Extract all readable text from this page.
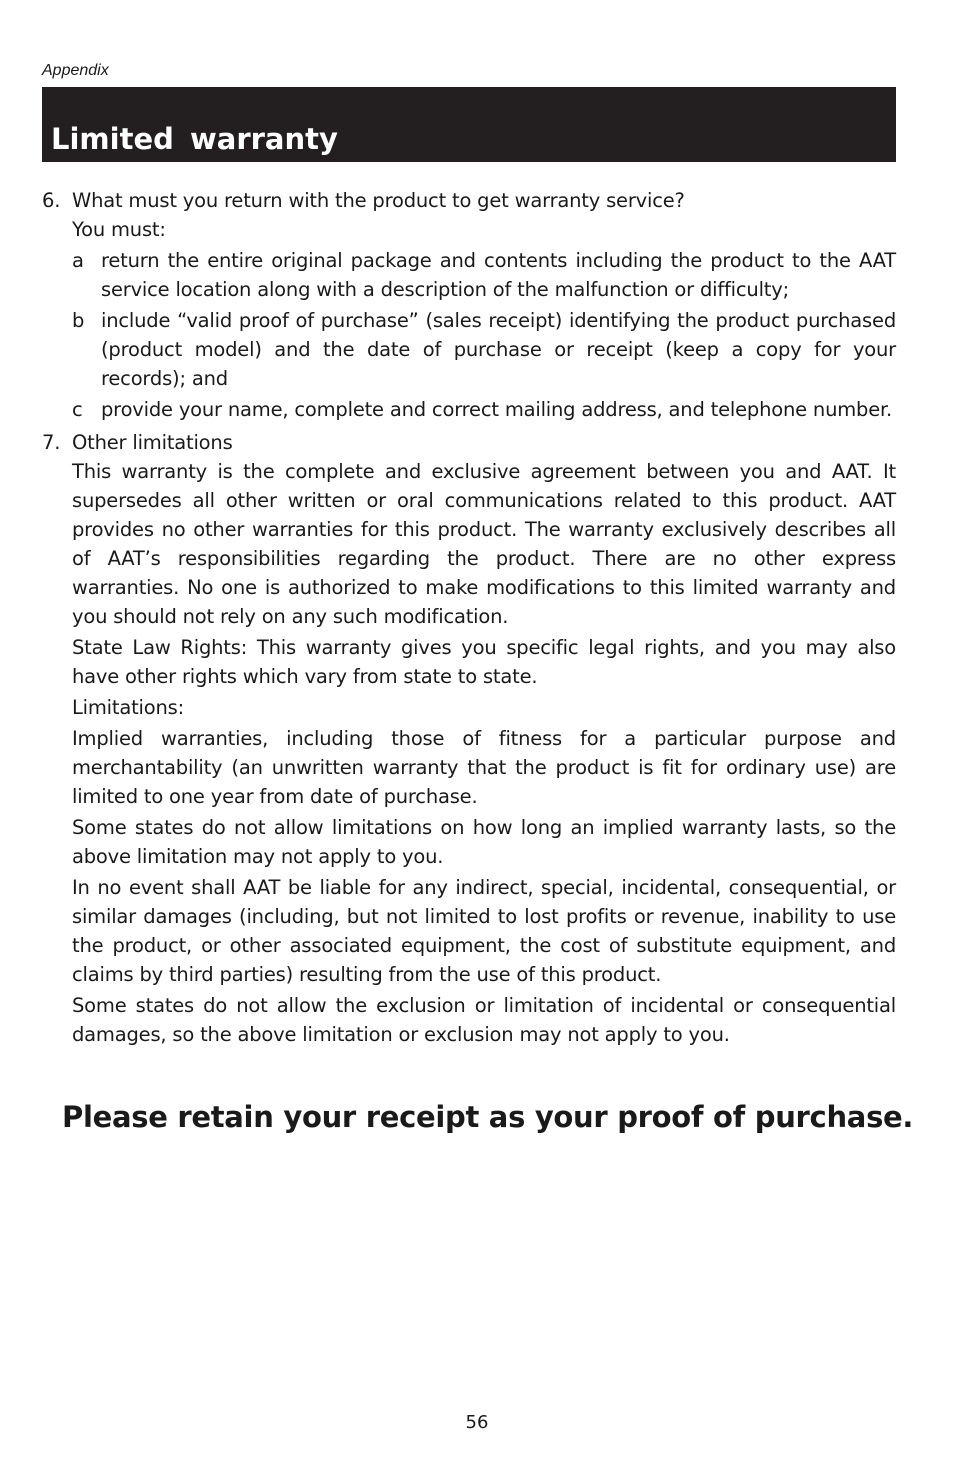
Appendix
Limited warranty
6. What must you return with the product to get warranty service?

You must:

a return the entire original package and contents including the product to the AAT service location along with a description of the malfunction or difficulty;
b include “valid proof of purchase” (sales receipt) identifying the product purchased (product model) and the date of purchase or receipt (keep a copy for your records); and
c provide your name, complete and correct mailing address, and telephone number.
7. Other limitations

This warranty is the complete and exclusive agreement between you and AAT. It supersedes all other written or oral communications related to this product. AAT provides no other warranties for this product. The warranty exclusively describes all of AAT’s responsibilities regarding the product. There are no other express warranties. No one is authorized to make modifications to this limited warranty and you should not rely on any such modification.

State Law Rights: This warranty gives you specific legal rights, and you may also have other rights which vary from state to state.

Limitations:

Implied warranties, including those of fitness for a particular purpose and merchantability (an unwritten warranty that the product is fit for ordinary use) are limited to one year from date of purchase.

Some states do not allow limitations on how long an implied warranty lasts, so the above limitation may not apply to you.

In no event shall AAT be liable for any indirect, special, incidental, consequential, or similar damages (including, but not limited to lost profits or revenue, inability to use the product, or other associated equipment, the cost of substitute equipment, and claims by third parties) resulting from the use of this product.

Some states do not allow the exclusion or limitation of incidental or consequential damages, so the above limitation or exclusion may not apply to you.

Please retain your receipt as your proof of purchase.
56
